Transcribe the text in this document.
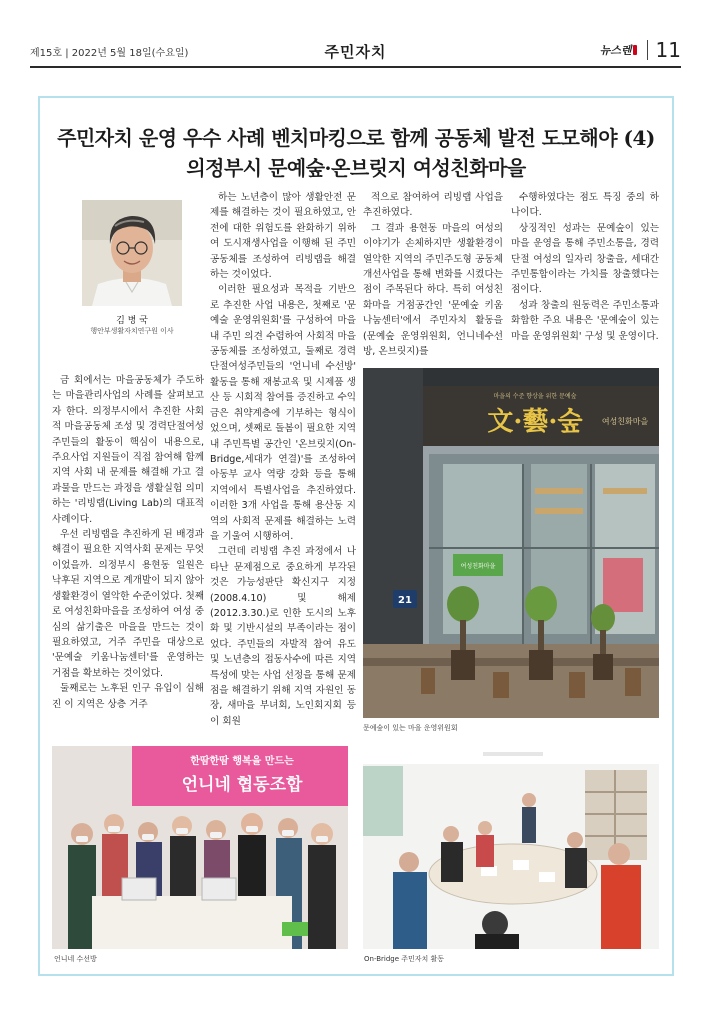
제15호 | 2022년 5월 18일(수요일)	주민자치	뉴스렌 11
주민자치 운영 우수 사례 벤치마킹으로 함께 공동체 발전 도모해야 (4)
의정부시 문예숲·온브릿지 여성친화마을
김 병 국
행안부생활자치연구원 이사

금 회에서는 마을공동체가 주도하는 마을관리사업의 사례를 살펴보고자 한다. 의정부시에서 추진한 사회적 마을공동체 조성 및 경력단절여성 주민들의 활동이 핵심이 내용으로, 주요사업 지원들이 직접 참여해 함께 지역 사회 내 문제를 해결해 가고 결과물을 만드는 과정을 생활실험 의미하는 '리빙랩(Living Lab)의 대표적 사례이다.

우선 리빙랩을 추진하게 된 배경과 해결이 필요한 지역사회 문제는 무엇이었을까. 의정부시 용현동 일원은 낙후된 지역으로 계개발이 되지 않아 생활환경이 열악한 수준이었다. 첫째로 여성친화마을을 조성하여 여성 중심의 삶기출은 마을을 만드는 것이 필요하였고, 거주 주민을 대상으로 '문예술 키움나눔센터'를 운영하는 거점을 확보하는 것이었다.

둘째로는 노후된 인구 유입이 심해진 이 지역은 상층 거주

하는 노년층이 많아 생활안전 문제를 해결하는 것이 필요하였고, 안전에 대한 위험도를 완화하기 위하여 도시재생사업을 이행해 된 주민공동체를 조성하여 리빙랩을 해결하는 것이었다.

이러한 필요성과 목적을 기반으로 추진한 사업 내용은, 첫째로 '문예술 운영위원회'를 구성하여 마을 내 주민 의견 수렴하여 사회적 마을공동체를 조성하였고, 둘째로 경력단절여성주민들의 '언니네 수선방' 활동을 통해 재봉교육 및 시제품 생산 등 시회적 참여를 증진하고 수익금은 취약계층에 기부하는 형식이었으며, 셋째로 돌봄이 필요한 지역 내 주민특별 공간인 '온브릿지(On-Bridge,세대가 연결)'를 조성하여 아동부 교사 역량 강화 등을 통해 지역에서 특별사업을 추진하였다. 이러한 3개 사업을 통해 용산동 지역의 사회적 문제를 해결하는 노력을 기울여 시행하여.

그런데 리빙랩 추진 과정에서 나타난 문제점으로 중요하게 부각된 것은 가능성판단 확신지구 지정(2008.4.10) 및 해제(2012.3.30.)로 인한 도시의 노후화 및 기반시설의 부족이라는 점이었다. 주민들의 자발적 참여 유도 및 노년층의 접동사수에 따른 지역특성에 맞는 사업 선정을 통해 문제점을 해결하기 위해 지역 자원인 동장, 새마을 부녀회, 노인회지회 등이 회원

적으로 참여하여 리빙랩 사업을 추진하였다.

그 결과 용현동 마을의 여성의 이야기가 손체하지만 생활환경이 열악한 지역의 주민주도형 공동체 개선사업을 통해 변화를 시켰다는 점이 주목된다 하다. 특히 여성친화마을 거점공간인 '문예숲 키움나눔센터'에서 주민자치 활동을 (문예숲 운영위원회, 언니네수선방, 온브릿지)를

수행하였다는 점도 특징 중의 하나이다.

상징적인 성과는 문예숲이 있는 마을 운영을 통해 주민소통을, 경력단절 여성의 일자리 창출을, 세대간 주민통합이라는 가치를 창출했다는 점이다.

성과 창출의 원동력은 주민소통과 화합한 주요 내용은 '문예숲이 있는 마을 운영위원회' 구성 및 운영이다.

文·藝·숲 여성친화마을
마을의 수준 향상을 위한 문예숲
여성친화마을
21
문예숲이 있는 마을 운영위원회
한땀한땀 행복을 만드는
언니네 협동조합
언니네 수선방	On-Bridge 주민자치 활동
